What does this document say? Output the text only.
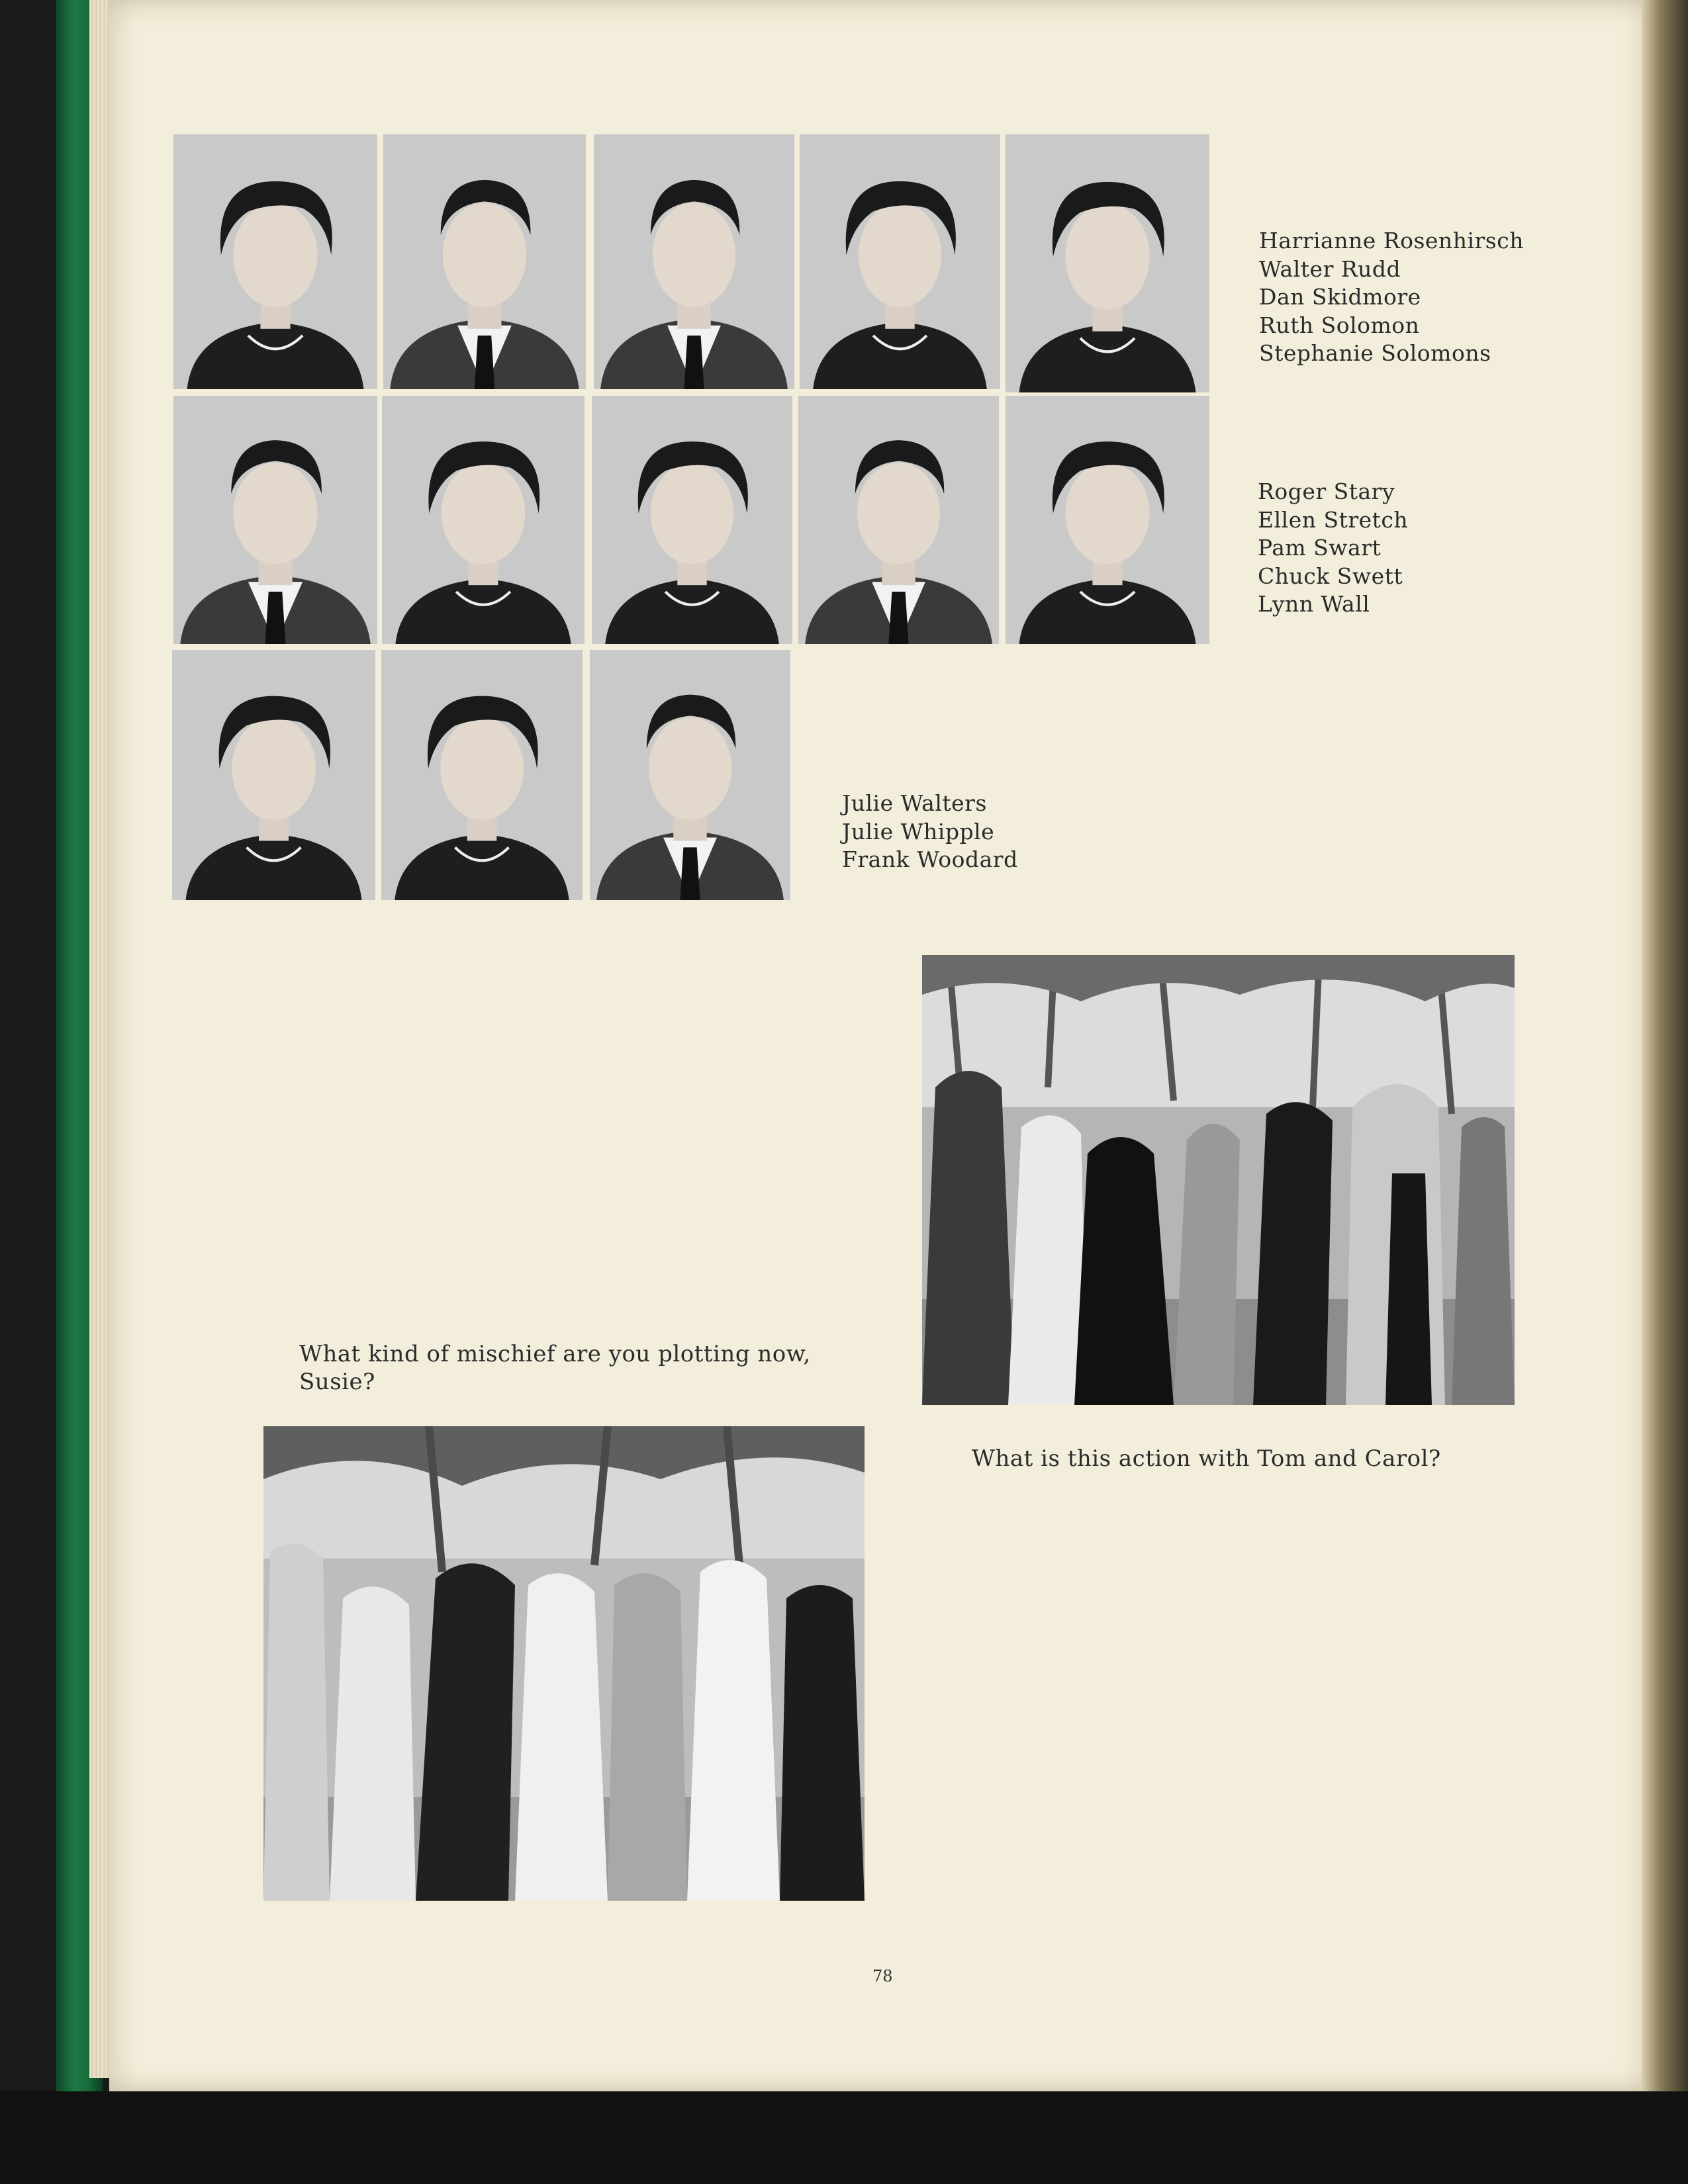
Harrianne Rosenhirsch
Walter Rudd
Dan Skidmore
Ruth Solomon
Stephanie Solomons
Roger Stary
Ellen Stretch
Pam Swart
Chuck Swett
Lynn Wall
Julie Walters
Julie Whipple
Frank Woodard
What kind of mischief are you plotting now,
Susie?
What is this action with Tom and Carol?
78
